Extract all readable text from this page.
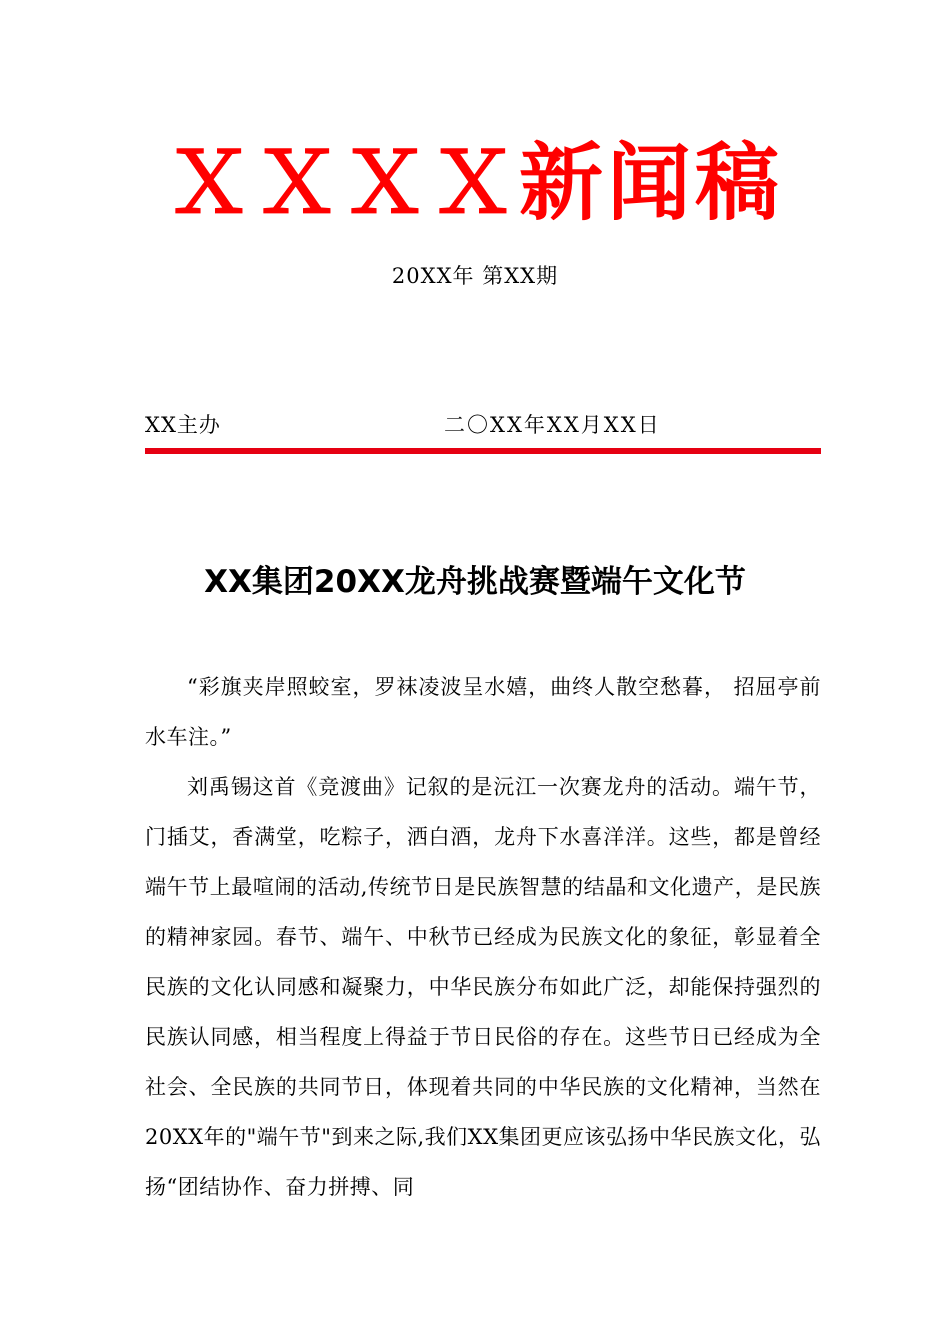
ＸＸＸＸ新闻稿
20XX年 第XX期
XX主办	二〇XX年XX月XX日
XX集团20XX龙舟挑战赛暨端午文化节

“彩旗夹岸照蛟室，罗袜凌波呈水嬉，曲终人散空愁暮， 招屈亭前水车注。”

刘禹锡这首《竞渡曲》记叙的是沅江一次赛龙舟的活动。端午节，门插艾，香满堂，吃粽子，洒白酒，龙舟下水喜洋洋。这些，都是曾经端午节上最喧闹的活动,传统节日是民族智慧的结晶和文化遗产，是民族的精神家园。春节、端午、中秋节已经成为民族文化的象征，彰显着全民族的文化认同感和凝聚力，中华民族分布如此广泛，却能保持强烈的民族认同感，相当程度上得益于节日民俗的存在。这些节日已经成为全社会、全民族的共同节日，体现着共同的中华民族的文化精神，当然在20XX年的"端午节"到来之际,我们XX集团更应该弘扬中华民族文化，弘扬“团结协作、奋力拼搏、同
